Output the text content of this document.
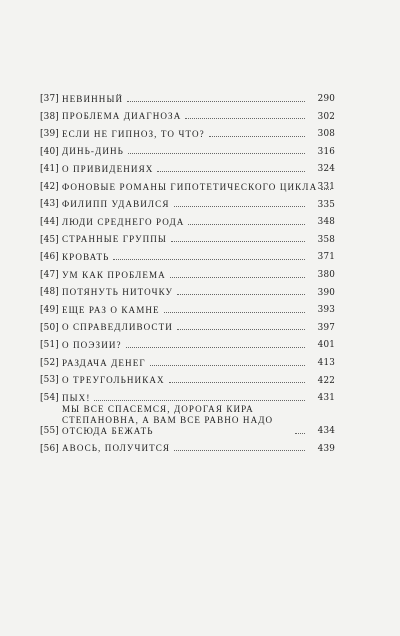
[37] НЕВИННЫЙ	290
[38] ПРОБЛЕМА ДИАГНОЗА	302
[39] ЕСЛИ НЕ ГИПНОЗ, ТО ЧТО?	308
[40] ДИНЬ-ДИНЬ	316
[41] О ПРИВИДЕНИЯХ	324
[42] ФОНОВЫЕ РОМАНЫ ГИПОТЕТИЧЕСКОГО ЦИКЛА 331
[43] ФИЛИПП УДАВИЛСЯ	335
[44] ЛЮДИ СРЕДНЕГО РОДА	348
[45] СТРАННЫЕ ГРУППЫ	358
[46] КРОВАТЬ	371
[47] УМ КАК ПРОБЛЕМА	380
[48] ПОТЯНУТЬ НИТОЧКУ	390
[49] ЕЩЕ РАЗ О КАМНЕ	393
[50] О СПРАВЕДЛИВОСТИ	397
[51] О ПОЭЗИИ?	401
[52] РАЗДАЧА ДЕНЕГ	413
[53] О ТРЕУГОЛЬНИКАХ	422
[54] ПЫХ!	431
[55]
МЫ ВСЕ СПАСЕМСЯ, ДОРОГАЯ КИРА СТЕПАНОВНА, А ВАМ ВСЕ РАВНО НАДО ОТСЮДА БЕЖАТЬ	434
[56] АВОСЬ, ПОЛУЧИТСЯ	439
